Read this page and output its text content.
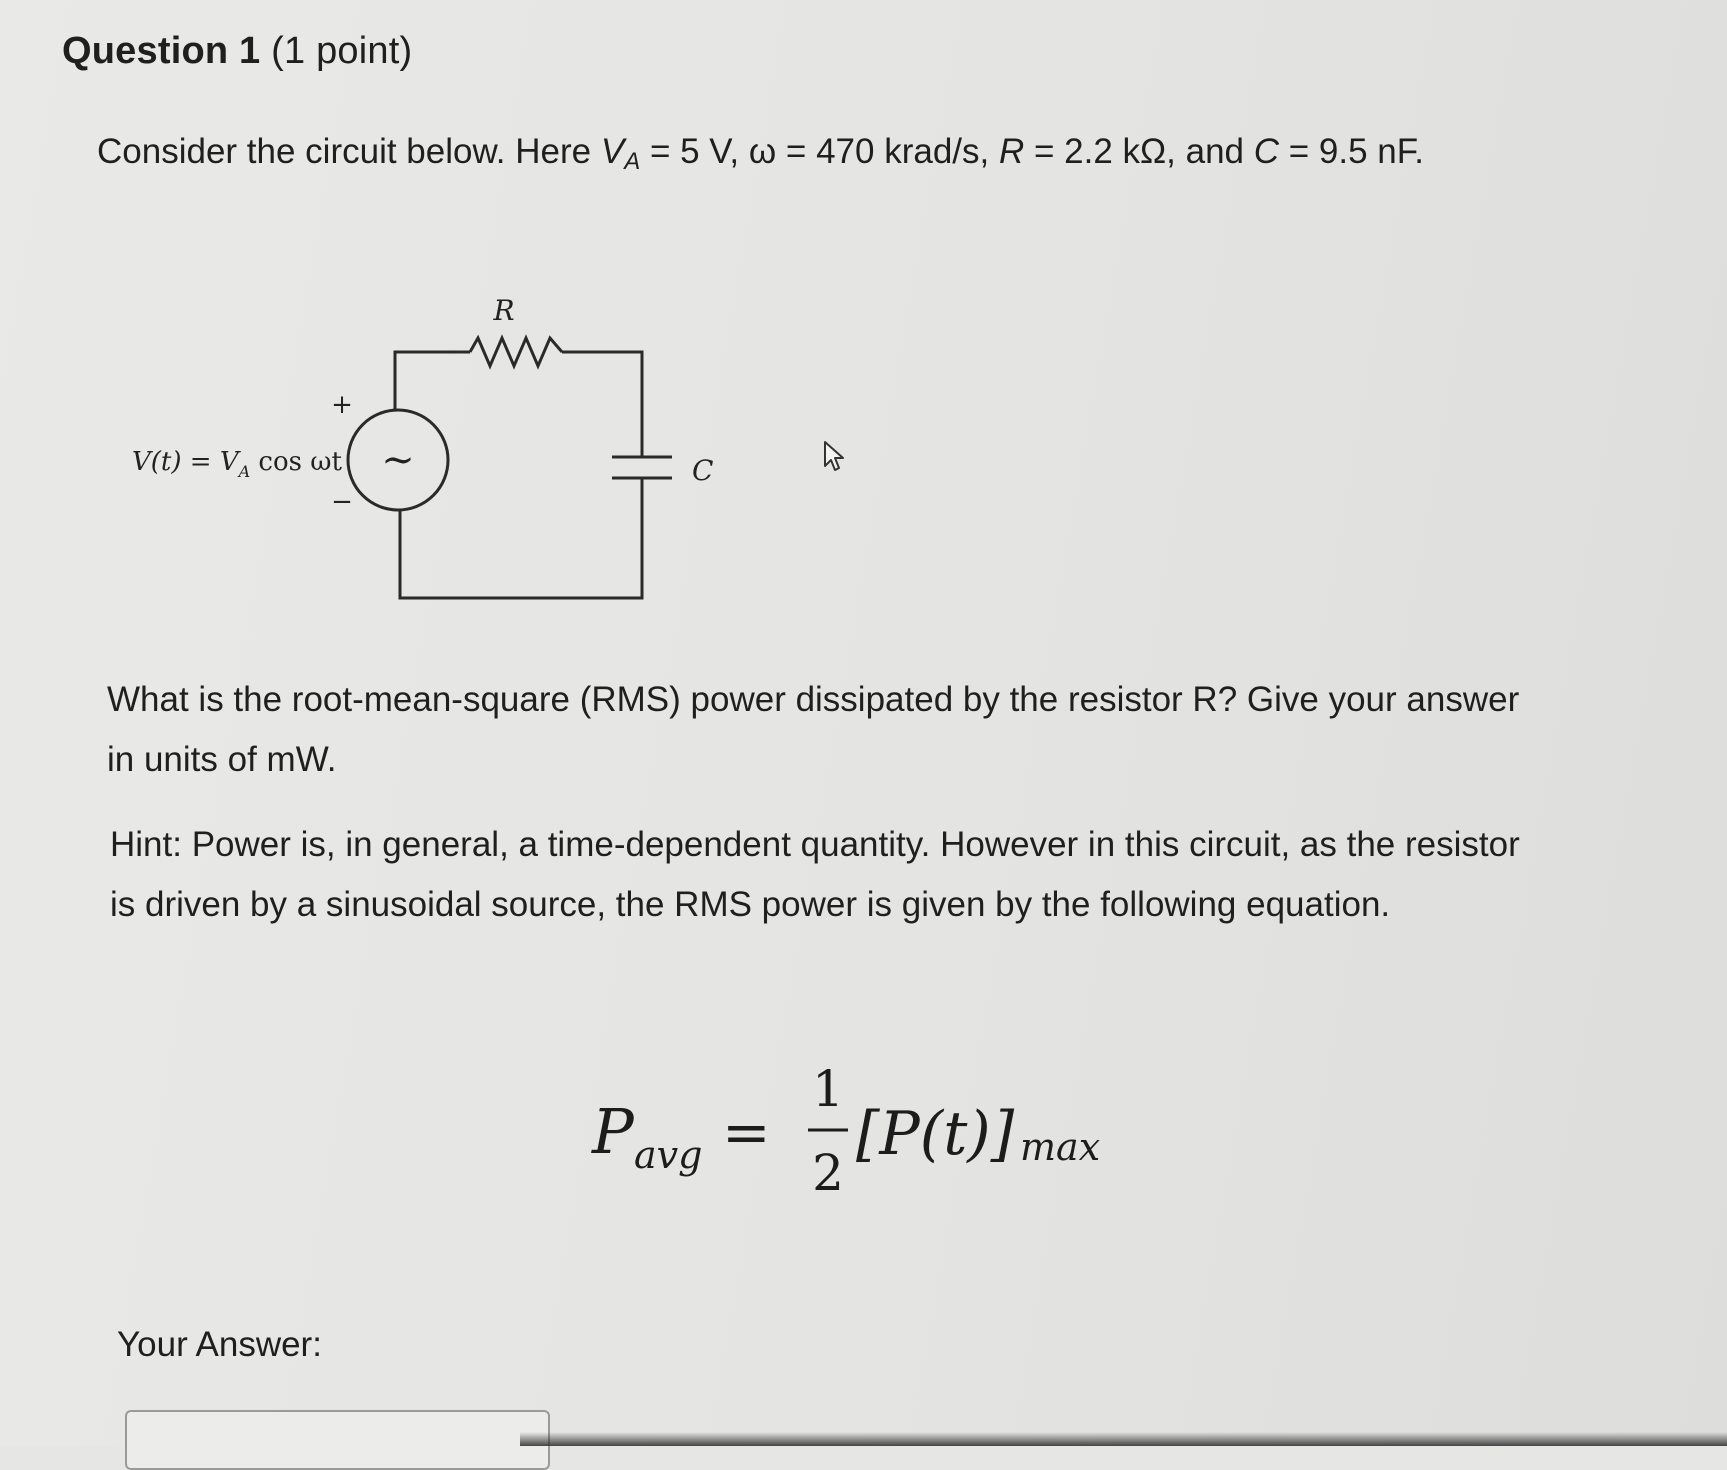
Question 1 (1 point)
Consider the circuit below. Here $V_A = 5$ V, ω = 470 krad/s, R = 2.2 kΩ, and C = 9.5 nF.
R
C
∼
+
−
$V(t) = V_A$ cos ωt
What is the root-mean-square (RMS) power dissipated by the resistor R? Give your answer in units of mW.
Hint: Power is, in general, a time-dependent quantity. However in this circuit, as the resistor is driven by a sinusoidal source, the RMS power is given by the following equation.
P avg =
1
2
[P(t)] max
Your Answer:
